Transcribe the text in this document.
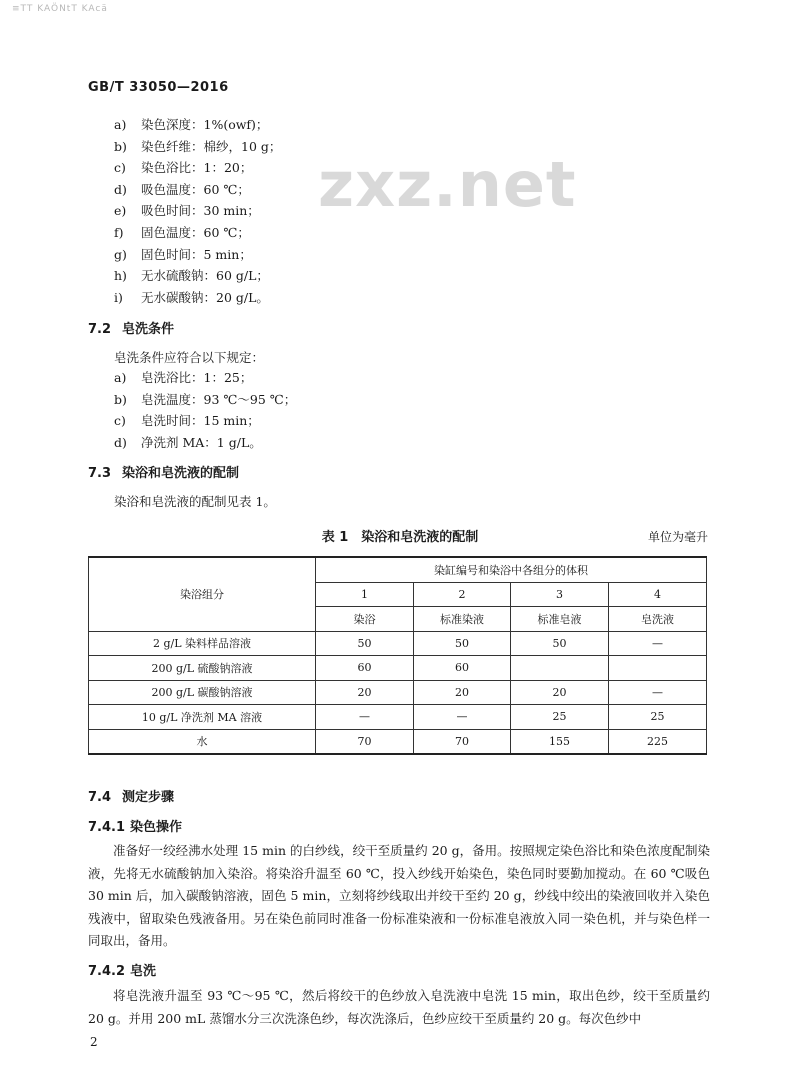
≡TT KAÖNtT KAcä
GB/T 33050—2016
zxz.net
a)	染色深度：1%(owf)；
b)	染色纤维：棉纱，10 g；
c)	染色浴比：1：20；
d)	吸色温度：60 ℃；
e)	吸色时间：30 min；
f)	固色温度：60 ℃；
g)	固色时间：5 min；
h)	无水硫酸钠：60 g/L；
i)	无水碳酸钠：20 g/L。
7.2 皂洗条件
皂洗条件应符合以下规定：
a)	皂洗浴比：1：25；
b)	皂洗温度：93 ℃～95 ℃；
c)	皂洗时间：15 min；
d)	净洗剂 MA：1 g/L。
7.3 染浴和皂洗液的配制
染浴和皂洗液的配制见表 1。
表 1　染浴和皂洗液的配制	单位为毫升
染浴组分	染缸编号和染浴中各组分的体积			
	1	2	3	4
	染浴	标准染液	标准皂液	皂洗液
2 g/L 染料样品溶液	50	50	50	—
200 g/L 硫酸钠溶液	60	60		
200 g/L 碳酸钠溶液	20	20	20	—
10 g/L 净洗剂 MA 溶液	—	—	25	25
水	70	70	155	225
7.4 测定步骤
7.4.1 染色操作
准备好一绞经沸水处理 15 min 的白纱线，绞干至质量约 20 g，备用。按照规定染色浴比和染色浓度配制染液，先将无水硫酸钠加入染浴。将染浴升温至 60 ℃，投入纱线开始染色，染色同时要勤加搅动。在 60 ℃吸色 30 min 后，加入碳酸钠溶液，固色 5 min，立刻将纱线取出并绞干至约 20 g，纱线中绞出的染液回收并入染色残液中，留取染色残液备用。另在染色前同时准备一份标准染液和一份标准皂液放入同一染色机，并与染色样一同取出，备用。
7.4.2 皂洗
将皂洗液升温至 93 ℃～95 ℃，然后将绞干的色纱放入皂洗液中皂洗 15 min，取出色纱，绞干至质量约 20 g。并用 200 mL 蒸馏水分三次洗涤色纱，每次洗涤后，色纱应绞干至质量约 20 g。每次色纱中
2
